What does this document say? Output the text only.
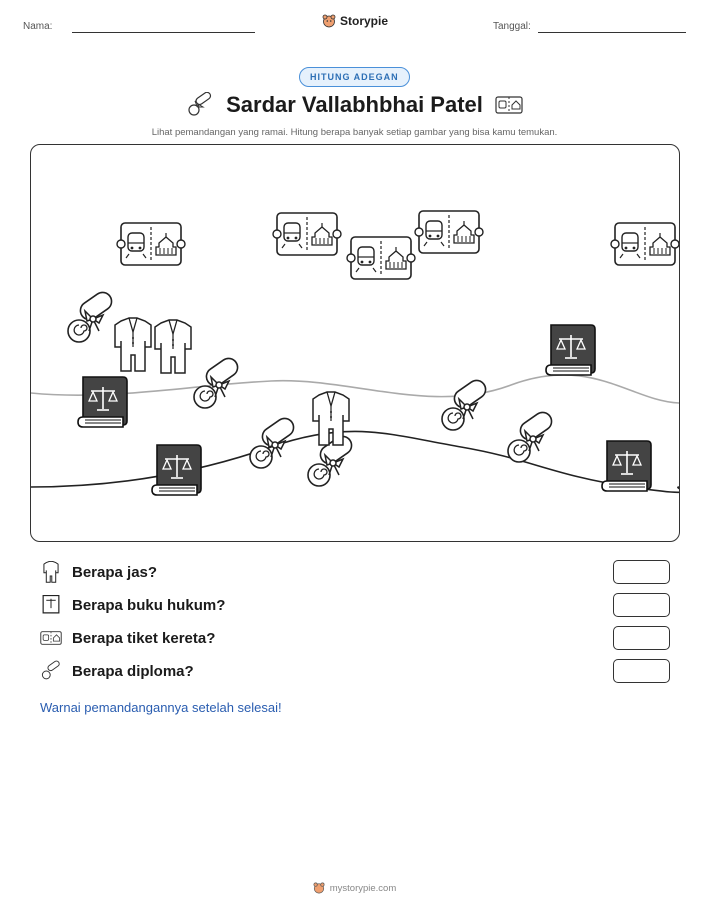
Nama:	Storypie	Tanggal:
HITUNG ADEGAN
Sardar Vallabhbhai Patel
Lihat pemandangan yang ramai. Hitung berapa banyak setiap gambar yang bisa kamu temukan.
Berapa jas?
Berapa buku hukum?
Berapa tiket kereta?
Berapa diploma?
Warnai pemandangannya setelah selesai!
mystorypie.com
